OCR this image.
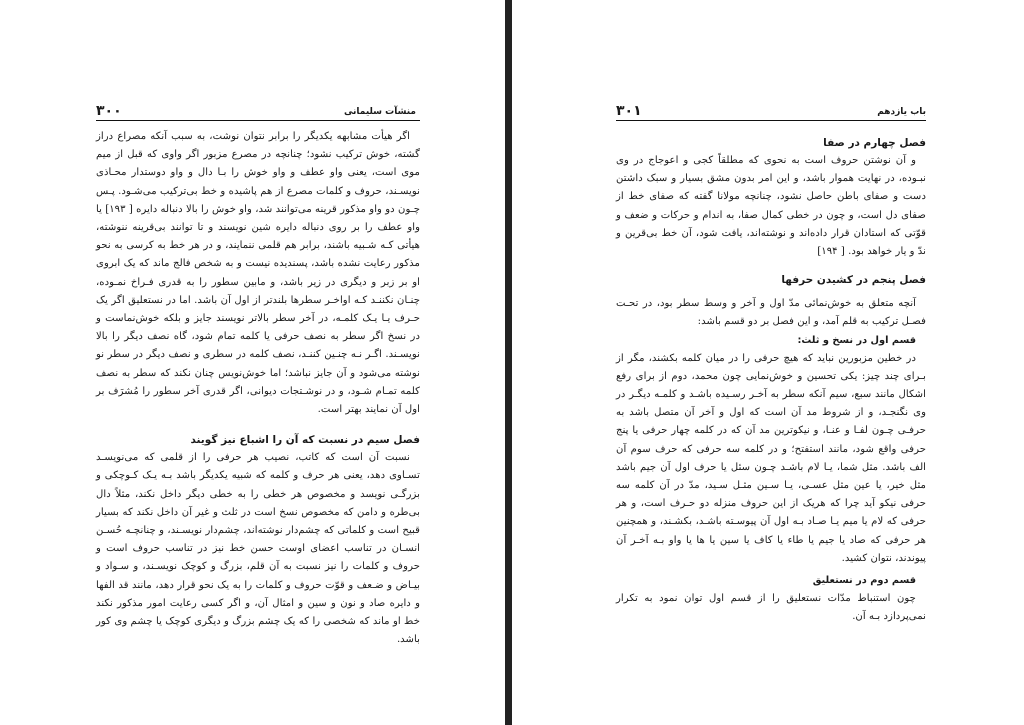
منشآت سلیمانی
۳۰۰

اگر هیأت مشابهه یکدیگر را برابر نتوان نوشت، به سبب آنکه مصراع دراز گشته، خوش ترکیب نشود؛ چنانچه در مصرع مزبور اگر واوی که قبل از میم موی است، یعنی واو عطف و واو خوش را بـا دال و واو دوستدار محـاذی نویسـند، حروف و کلمات مصرع از هم پاشیده و خط بی‌ترکیب می‌شـود. پـس چـون دو واو مذکور قرینه می‌توانند شد، واو خوش را بالا دنباله دایره [ ۱۹۳] یا واو عطف را بر روی دنباله دایره شین نویسند و تا توانند بی‌قرینه ننوشته، هیأتی کـه شـبیه باشند، برابر هم قلمی ننمایند، و در هر خط به کرسی به نحو مذکور رعایت نشده باشد، پسندیده نیست و به شخص فالج ماند که یک ابروی او بر زبر و دیگری در زیر باشد، و مابین سطور را به قدری فـراخ نمـوده، چنـان نکننـد کـه اواخـر سطرها بلندتر از اول آن باشد. اما در نستعلیق اگر یک حـرف یـا یـک کلمـه، در آخر سطر بالاتر نویسند جایز و بلکه خوش‌نماست و در نسخ اگر سطر به نصف حرفی یا کلمه تمام شود، گاه نصف دیگر را بالا نویسـند. اگـر نـه چنـین کننـد، نصف کلمه در سطری و نصف دیگر در سطر نو نوشته می‌شود و آن جایز نباشد؛ اما خوش‌نویس چنان نکند که سطر به نصف کلمه تمـام شـود، و در نوشـتجات دیوانی، اگر قدری آخر سطور را مُشرَف بر اول آن نمایند بهتر است.

فصل سیم در نسبت که آن را اشباع نیز گویند

نسبت آن است که کاتب، نصیب هر حرفی را از قلمی که می‌نویسـد تسـاوی دهد، یعنی هر حرف و کلمه که شبیه یکدیگر باشد بـه یـک کـوچکی و بزرگـی نویسد و مخصوص هر خطی را به خطی دیگر داخل نکند، مثلاً دال بی‌طره و دامن که مخصوص نسخ است در ثلث و غیر آن داخل نکند که بسیار قبیح است و کلماتی که چشم‌دار نوشته‌اند، چشم‌دار نویسـند، و چنانچـه حُسـن انسـان در تناسب اعضای اوست حسن خط نیز در تناسب حروف است و حروف و کلمات را نیز نسبت به آن قلم، بزرگ و کوچک نویسـند، و سـواد و بیـاض و ضـعف و قوّت حروف و کلمات را به یک نحو قرار دهد، مانند قد الفها و دایره صاد و نون و سین و امثال آن، و اگر کسی رعایت امور مذکور نکند خط او ماند که شخصی را که یک چشم بزرگ و دیگری کوچک یا چشم وی کور باشد.

باب یازدهم
۳۰۱

فصل چهارم در صفا

و آن نوشتن حروف است به نحوی که مطلقاً کجی و اعوجاج در وی نبـوده، در نهایت هموار باشد، و این امر بدون مشق بسیار و سبک داشتن دست و صفای باطن حاصل نشود، چنانچه مولانا گفته که صفای خط از صفای دل است، و چون در خطی کمال صفا، به اندام و حرکات و ضعف و قوّتی که استادان قرار داده‌اند و نوشته‌اند، یافت شود، آن خط بی‌قرین و ندّ و یار خواهد بود. [ ۱۹۴]

فصل پنجم در کشیدن حرفها

آنچه متعلق به خوش‌نمائی مدّ اول و آخر و وسط سطر بود، در تحـت فصـل ترکیب به قلم آمد، و این فصل بر دو قسم باشد:

قسم اول در نسخ و ثلث:

در خطین مزبورین نباید که هیچ حرفی را در میان کلمه بکشند، مگر از بـرای چند چیز: یکی تحسین و خوش‌نمایی چون محمد، دوم از برای رفع اشکال مانند سبع، سیم آنکه سطر به آخـر رسـیده باشـد و کلمـه دیگـر در وی نگنجـد، و از شروط مد آن است که اول و آخر آن متصل باشد به حرفـی چـون لفـا و عنـا، و نیکوترین مد آن که در کلمه چهار حرفی یا پنج حرفی واقع شود، مانند استفتح؛ و در کلمه سه حرفی که حرف سوم آن الف باشد. مثل شما، یـا لام باشـد چـون سئل یا حرف اول آن جیم باشد مثل خیر، یا عین مثل عسـی، یـا سـین مثـل سـید، مدّ در آن کلمه سه حرفی نیکو آید چرا که هریک از این حروف منزله دو حـرف است، و هر حرفی که لام یا میم یـا صـاد بـه اول آن پیوسـته باشـد، بکشـند، و همچنین هر حرفی که صاد یا جیم یا طاء یا کاف یا سین یا ها یا واو بـه آخـر آن پیوندند، نتوان کشید.

قسم دوم در نستعلیق

چون استنباط مدّات نستعلیق را از قسم اول توان نمود به تکرار نمی‌پردازد بـه آن.
